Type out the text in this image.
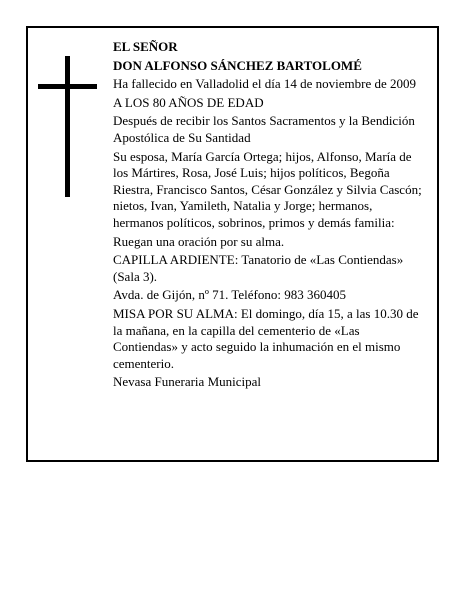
EL SEÑOR

DON ALFONSO SÁNCHEZ BARTOLOMÉ

Ha fallecido en Valladolid el día 14 de noviembre de 2009

A LOS 80 AÑOS DE EDAD

Después de recibir los Santos Sacramentos y la Bendición Apostólica de Su Santidad

Su esposa, María García Ortega; hijos, Alfonso, María de los Mártires, Rosa, José Luis; hijos políticos, Begoña Riestra, Francisco Santos, César González y Silvia Cascón; nietos, Ivan, Yamileth, Natalia y Jorge; hermanos, hermanos políticos, sobrinos, primos y demás familia:

Ruegan una oración por su alma.

CAPILLA ARDIENTE: Tanatorio de «Las Contiendas» (Sala 3).

Avda. de Gijón, nº 71. Teléfono: 983 360405

MISA POR SU ALMA: El domingo, día 15, a las 10.30 de la mañana, en la capilla del cementerio de «Las Contiendas» y acto seguido la inhumación en el mismo cementerio.

Nevasa Funeraria Municipal
